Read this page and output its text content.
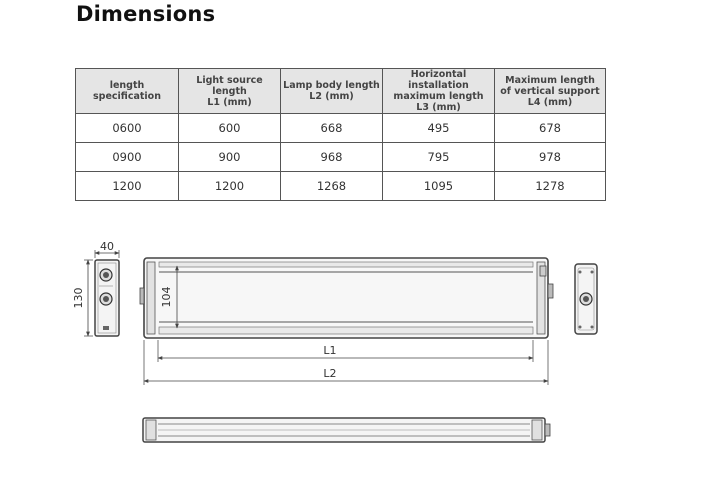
Dimensions
length
specification	Light source length
L1 (mm)	Lamp body length
L2 (mm)	Horizontal installation
maximum length
L3 (mm)	Maximum length
of vertical support
L4 (mm)
0600	600	668	495	678
0900	900	968	795	978
1200	1200	1268	1095	1278
40
130	104
L1
L2
